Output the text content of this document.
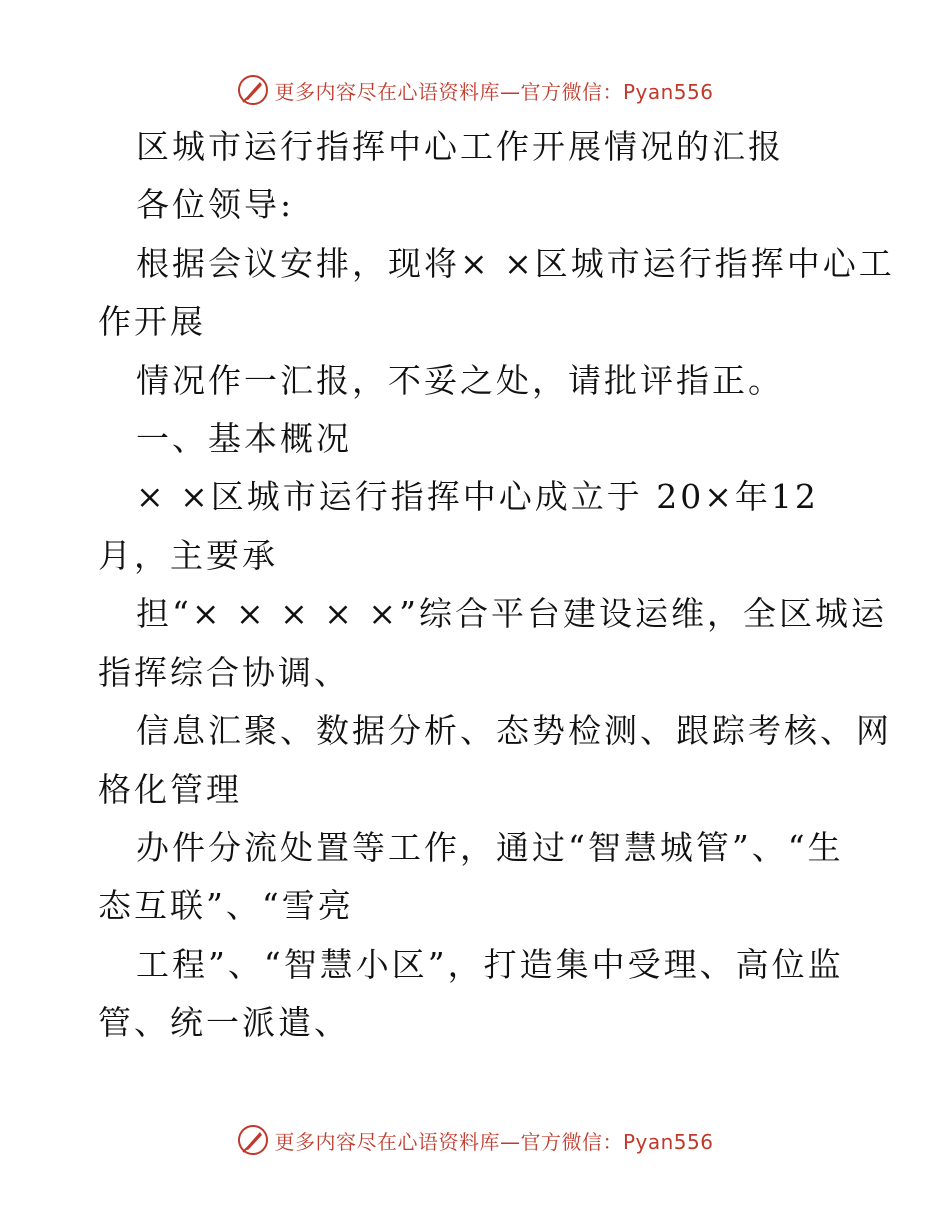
更多内容尽在心语资料库—官方微信：Pyan556
区城市运行指挥中心工作开展情况的汇报
各位领导:
根据会议安排，现将× ×区城市运行指挥中心工
作开展
情况作一汇报，不妥之处，请批评指正。
一、基本概况
× ×区城市运行指挥中心成立于 20×年12
月，主要承
担“× × × × ×”综合平台建设运维，全区城运
指挥综合协调、
信息汇聚、数据分析、态势检测、跟踪考核、网
格化管理
办件分流处置等工作，通过“智慧城管”、“生
态互联”、“雪亮
工程”、“智慧小区”，打造集中受理、高位监
管、统一派遣、
更多内容尽在心语资料库—官方微信：Pyan556
